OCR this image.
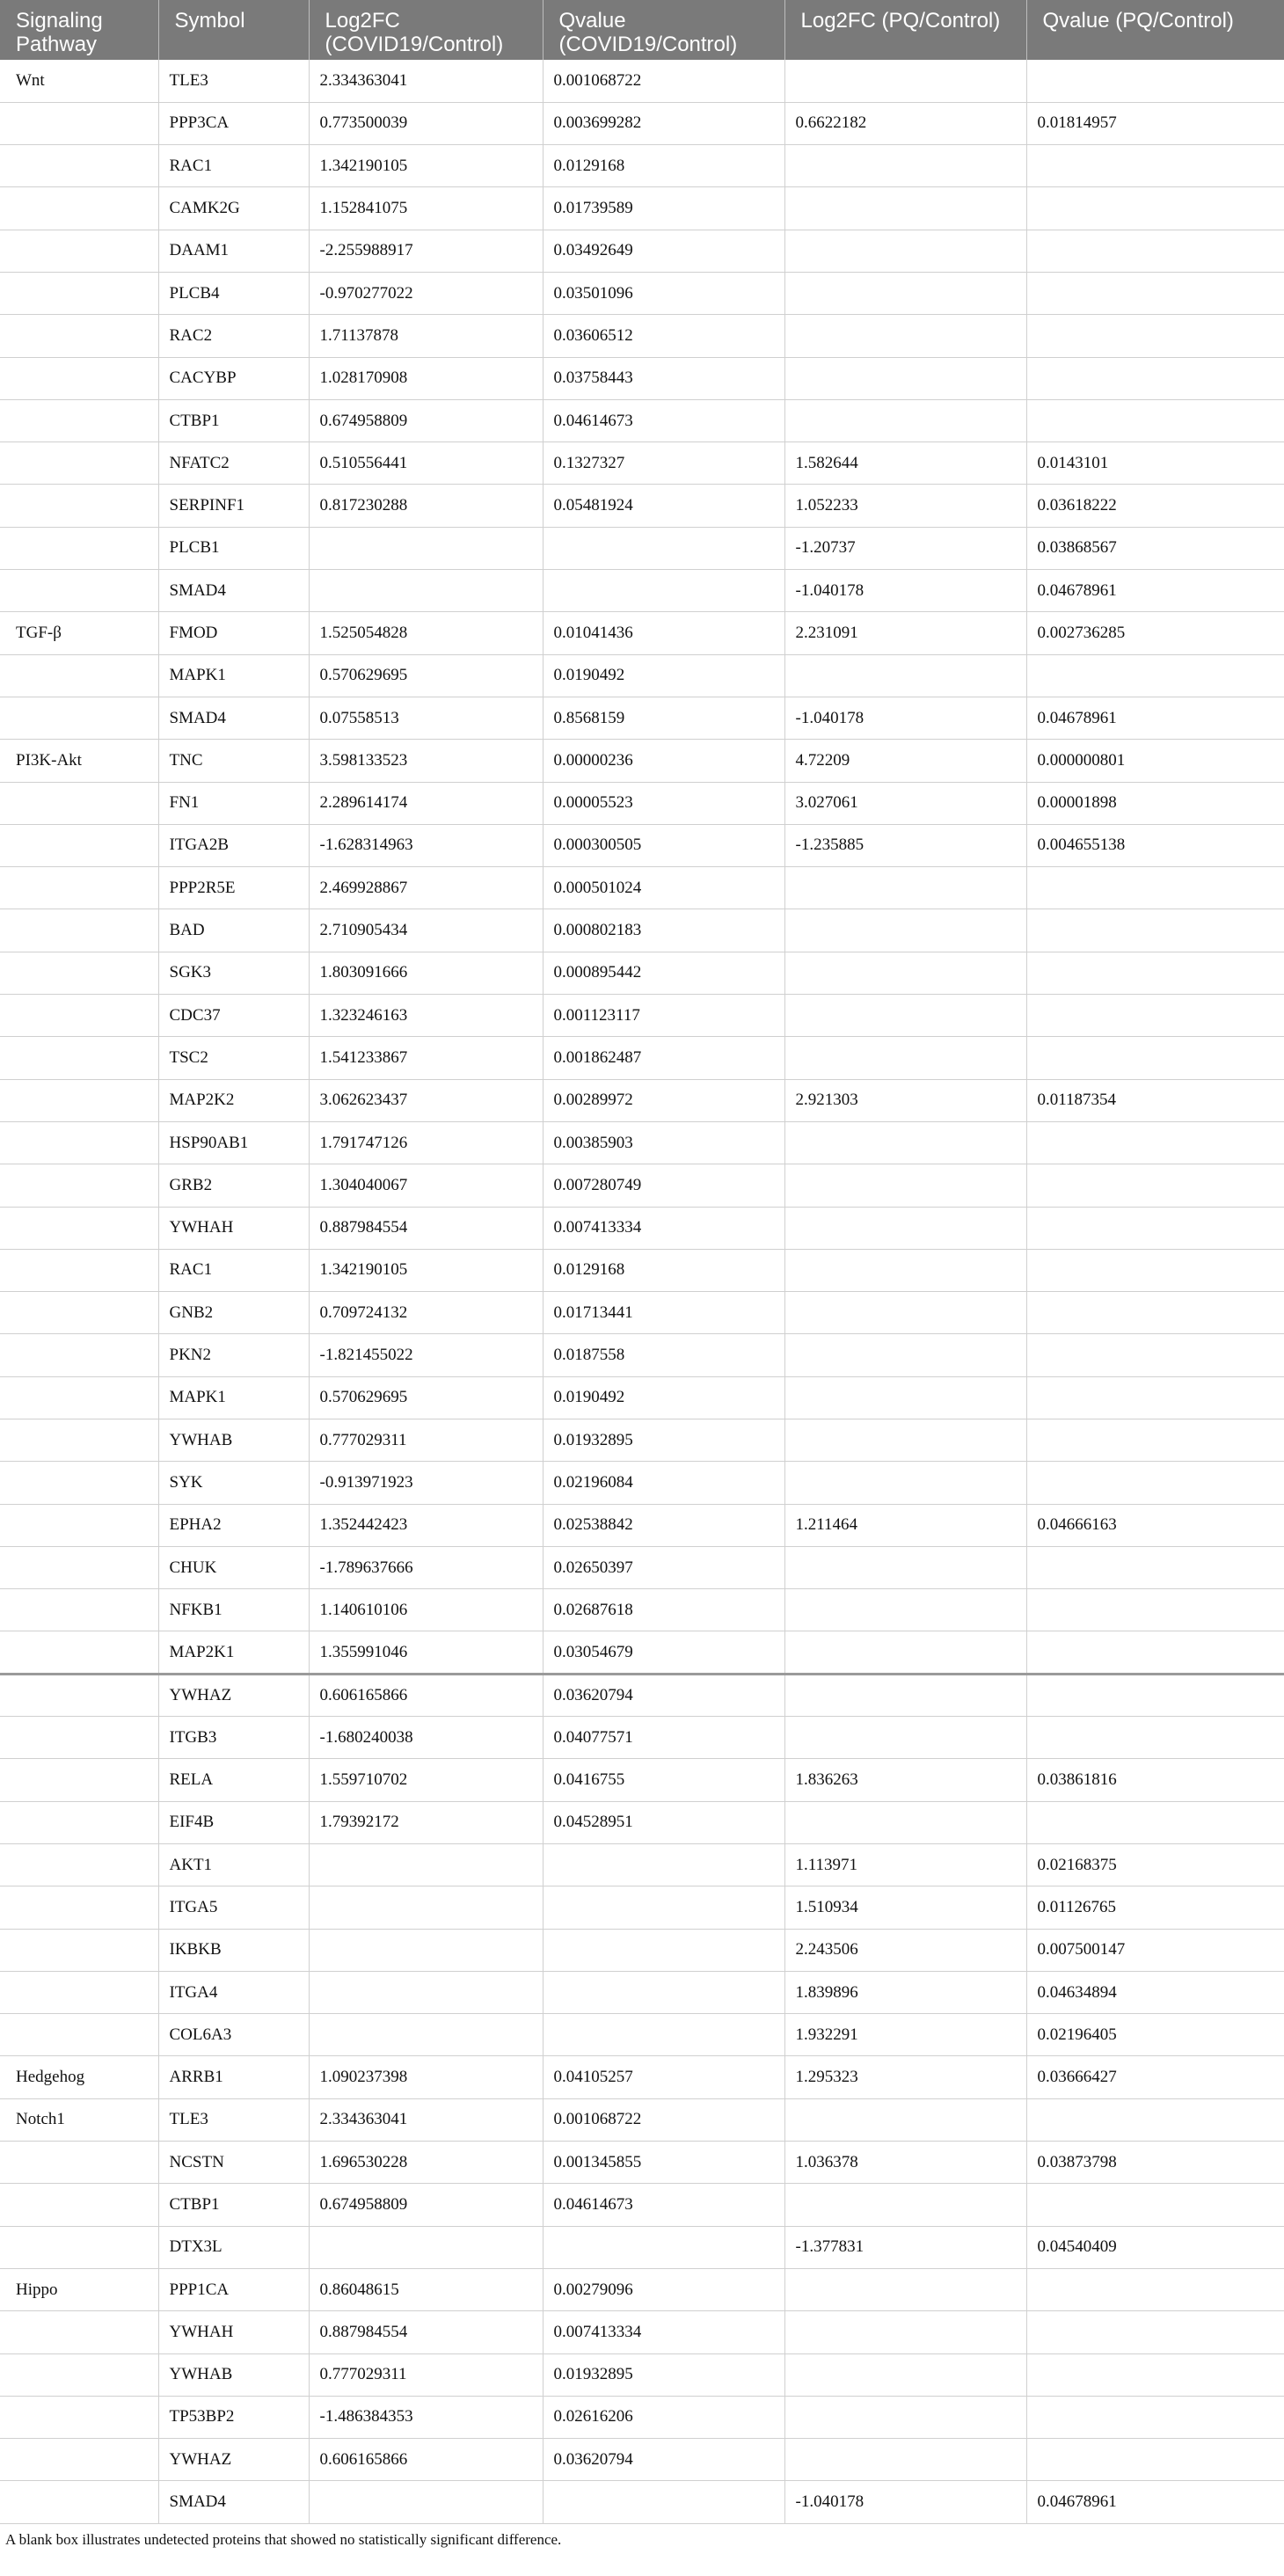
Signaling Pathway	Symbol	Log2FC (COVID19/Control)	Qvalue (COVID19/Control)	Log2FC (PQ/Control)	Qvalue (PQ/Control)
Wnt	TLE3	2.334363041	0.001068722		
	PPP3CA	0.773500039	0.003699282	0.6622182	0.01814957
	RAC1	1.342190105	0.0129168		
	CAMK2G	1.152841075	0.01739589		
	DAAM1	-2.255988917	0.03492649		
	PLCB4	-0.970277022	0.03501096		
	RAC2	1.71137878	0.03606512		
	CACYBP	1.028170908	0.03758443		
	CTBP1	0.674958809	0.04614673		
	NFATC2	0.510556441	0.1327327	1.582644	0.0143101
	SERPINF1	0.817230288	0.05481924	1.052233	0.03618222
	PLCB1			-1.20737	0.03868567
	SMAD4			-1.040178	0.04678961
TGF-β	FMOD	1.525054828	0.01041436	2.231091	0.002736285
	MAPK1	0.570629695	0.0190492		
	SMAD4	0.07558513	0.8568159	-1.040178	0.04678961
PI3K-Akt	TNC	3.598133523	0.00000236	4.72209	0.000000801
	FN1	2.289614174	0.00005523	3.027061	0.00001898
	ITGA2B	-1.628314963	0.000300505	-1.235885	0.004655138
	PPP2R5E	2.469928867	0.000501024		
	BAD	2.710905434	0.000802183		
	SGK3	1.803091666	0.000895442		
	CDC37	1.323246163	0.001123117		
	TSC2	1.541233867	0.001862487		
	MAP2K2	3.062623437	0.00289972	2.921303	0.01187354
	HSP90AB1	1.791747126	0.00385903		
	GRB2	1.304040067	0.007280749		
	YWHAH	0.887984554	0.007413334		
	RAC1	1.342190105	0.0129168		
	GNB2	0.709724132	0.01713441		
	PKN2	-1.821455022	0.0187558		
	MAPK1	0.570629695	0.0190492		
	YWHAB	0.777029311	0.01932895		
	SYK	-0.913971923	0.02196084		
	EPHA2	1.352442423	0.02538842	1.211464	0.04666163
	CHUK	-1.789637666	0.02650397		
	NFKB1	1.140610106	0.02687618		
	MAP2K1	1.355991046	0.03054679		
	YWHAZ	0.606165866	0.03620794		
	ITGB3	-1.680240038	0.04077571		
	RELA	1.559710702	0.0416755	1.836263	0.03861816
	EIF4B	1.79392172	0.04528951		
	AKT1			1.113971	0.02168375
	ITGA5			1.510934	0.01126765
	IKBKB			2.243506	0.007500147
	ITGA4			1.839896	0.04634894
	COL6A3			1.932291	0.02196405
Hedgehog	ARRB1	1.090237398	0.04105257	1.295323	0.03666427
Notch1	TLE3	2.334363041	0.001068722		
	NCSTN	1.696530228	0.001345855	1.036378	0.03873798
	CTBP1	0.674958809	0.04614673		
	DTX3L			-1.377831	0.04540409
Hippo	PPP1CA	0.86048615	0.00279096		
	YWHAH	0.887984554	0.007413334		
	YWHAB	0.777029311	0.01932895		
	TP53BP2	-1.486384353	0.02616206		
	YWHAZ	0.606165866	0.03620794		
	SMAD4			-1.040178	0.04678961
A blank box illustrates undetected proteins that showed no statistically significant difference.
